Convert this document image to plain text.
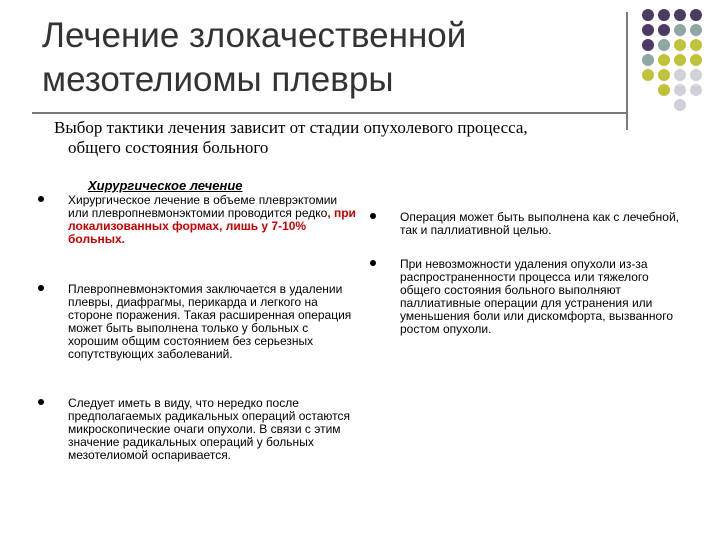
Лечение злокачественной
мезотелиомы плевры
Выбор тактики лечения зависит от стадии опухолевого процесса,
общего состояния больного
Хирургическое лечение
Хирургическое лечение в объеме плеврэктомии или плевропневмонэктомии проводится редко, при локализованных формах, лишь у 7-10% больных.
Плевропневмонэктомия заключается в удалении плевры, диафрагмы, перикарда и легкого на стороне поражения. Такая расширенная операция может быть выполнена только у больных с хорошим общим состоянием без серьезных сопутствующих заболеваний.
Следует иметь в виду, что нередко после предполагаемых радикальных операций остаются микроскопические очаги опухоли. В связи с этим значение радикальных операций у больных мезотелиомой оспаривается.
Операция может быть выполнена как с лечебной, так и паллиативной целью.
При невозможности удаления опухоли из-за распространенности процесса или тяжелого общего состояния больного выполняют паллиативные операции для устранения или уменьшения боли или дискомфорта, вызванного ростом опухоли.
